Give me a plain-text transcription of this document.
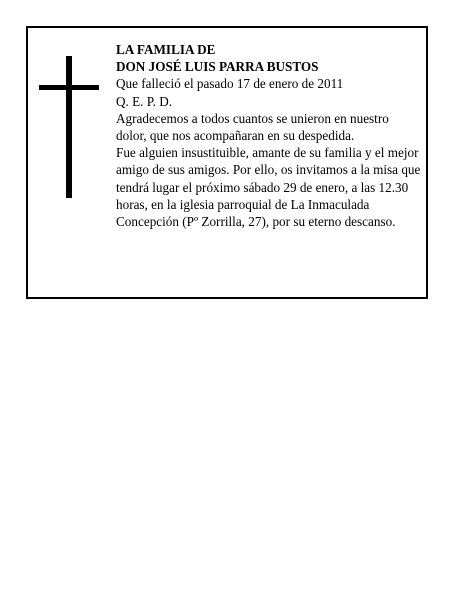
LA FAMILIA DE

DON JOSÉ LUIS PARRA BUSTOS

Que falleció el pasado 17 de enero de 2011

Q. E. P. D.

Agradecemos a todos cuantos se unieron en nuestro dolor, que nos acompañaran en su despedida.

Fue alguien insustituible, amante de su familia y el mejor amigo de sus amigos. Por ello, os invitamos a la misa que tendrá lugar el próximo sábado 29 de enero, a las 12.30 horas, en la iglesia parroquial de La Inmaculada Concepción (Pº Zorrilla, 27), por su eterno descanso.
